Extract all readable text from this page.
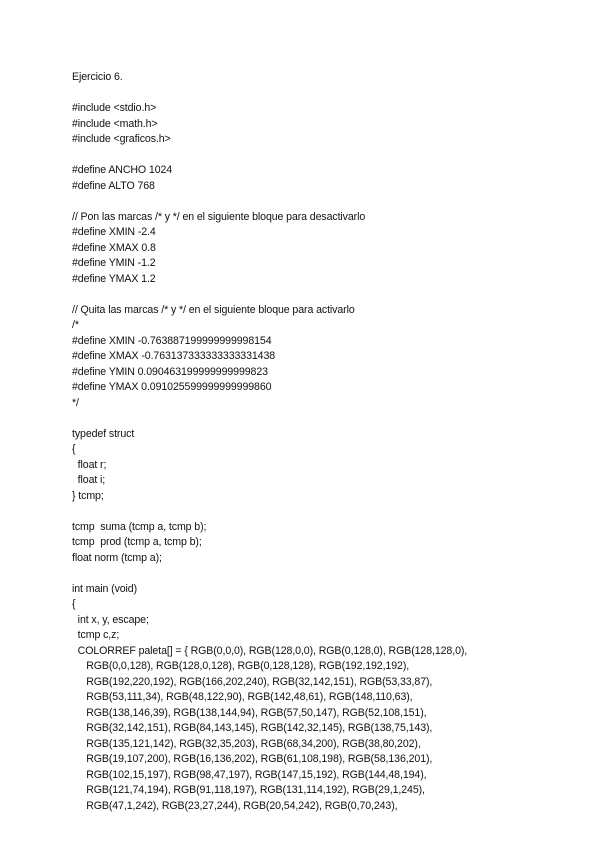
Ejercicio 6.
#include <stdio.h>
#include <math.h>
#include <graficos.h>
#define ANCHO 1024
#define ALTO 768
// Pon las marcas /* y */ en el siguiente bloque para desactivarlo
#define XMIN -2.4
#define XMAX 0.8
#define YMIN -1.2
#define YMAX 1.2
// Quita las marcas /* y */ en el siguiente bloque para activarlo
/*
#define XMIN -0.763887199999999998154
#define XMAX -0.763137333333333331438
#define YMIN 0.090463199999999999823
#define YMAX 0.091025599999999999860
*/
typedef struct
{
float r;
float i;
} tcmp;
tcmp  suma (tcmp a, tcmp b);
tcmp  prod (tcmp a, tcmp b);
float norm (tcmp a);
int main (void)
{
int x, y, escape;
tcmp c,z;
COLORREF paleta[] = { RGB(0,0,0), RGB(128,0,0), RGB(0,128,0), RGB(128,128,0),
RGB(0,0,128), RGB(128,0,128), RGB(0,128,128), RGB(192,192,192),
RGB(192,220,192), RGB(166,202,240), RGB(32,142,151), RGB(53,33,87),
RGB(53,111,34), RGB(48,122,90), RGB(142,48,61), RGB(148,110,63),
RGB(138,146,39), RGB(138,144,94), RGB(57,50,147), RGB(52,108,151),
RGB(32,142,151), RGB(84,143,145), RGB(142,32,145), RGB(138,75,143),
RGB(135,121,142), RGB(32,35,203), RGB(68,34,200), RGB(38,80,202),
RGB(19,107,200), RGB(16,136,202), RGB(61,108,198), RGB(58,136,201),
RGB(102,15,197), RGB(98,47,197), RGB(147,15,192), RGB(144,48,194),
RGB(121,74,194), RGB(91,118,197), RGB(131,114,192), RGB(29,1,245),
RGB(47,1,242), RGB(23,27,244), RGB(20,54,242), RGB(0,70,243),
